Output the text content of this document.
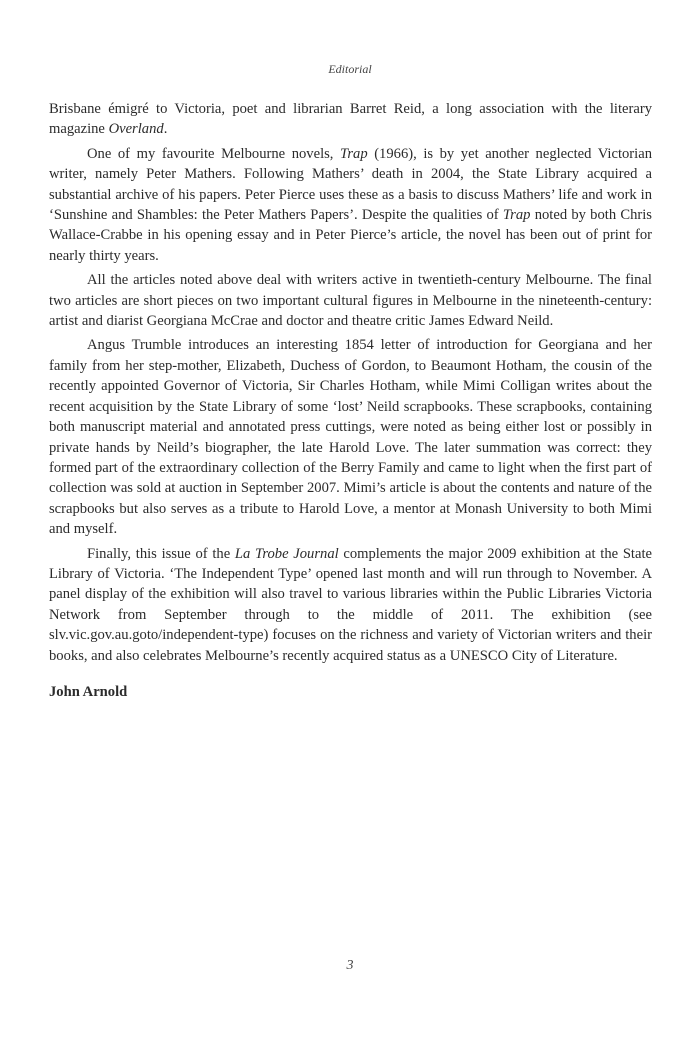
Editorial

Brisbane émigré to Victoria, poet and librarian Barret Reid, a long association with the literary magazine Overland.

One of my favourite Melbourne novels, Trap (1966), is by yet another neglected Victorian writer, namely Peter Mathers. Following Mathers’ death in 2004, the State Library acquired a substantial archive of his papers. Peter Pierce uses these as a basis to discuss Mathers’ life and work in ‘Sunshine and Shambles: the Peter Mathers Papers’. Despite the qualities of Trap noted by both Chris Wallace-Crabbe in his opening essay and in Peter Pierce’s article, the novel has been out of print for nearly thirty years.

All the articles noted above deal with writers active in twentieth-century Melbourne. The final two articles are short pieces on two important cultural figures in Melbourne in the nineteenth-century: artist and diarist Georgiana McCrae and doctor and theatre critic James Edward Neild.

Angus Trumble introduces an interesting 1854 letter of introduction for Georgiana and her family from her step-mother, Elizabeth, Duchess of Gordon, to Beaumont Hotham, the cousin of the recently appointed Governor of Victoria, Sir Charles Hotham, while Mimi Colligan writes about the recent acquisition by the State Library of some ‘lost’ Neild scrapbooks. These scrapbooks, containing both manuscript material and annotated press cuttings, were noted as being either lost or possibly in private hands by Neild’s biographer, the late Harold Love. The later summation was correct: they formed part of the extraordinary collection of the Berry Family and came to light when the first part of collection was sold at auction in September 2007. Mimi’s article is about the contents and nature of the scrapbooks but also serves as a tribute to Harold Love, a mentor at Monash University to both Mimi and myself.

Finally, this issue of the La Trobe Journal complements the major 2009 exhibition at the State Library of Victoria. ‘The Independent Type’ opened last month and will run through to November. A panel display of the exhibition will also travel to various libraries within the Public Libraries Victoria Network from September through to the middle of 2011. The exhibition (see slv.vic.gov.au.goto/independent-type) focuses on the richness and variety of Victorian writers and their books, and also celebrates Melbourne’s recently acquired status as a UNESCO City of Literature.

John Arnold
3
